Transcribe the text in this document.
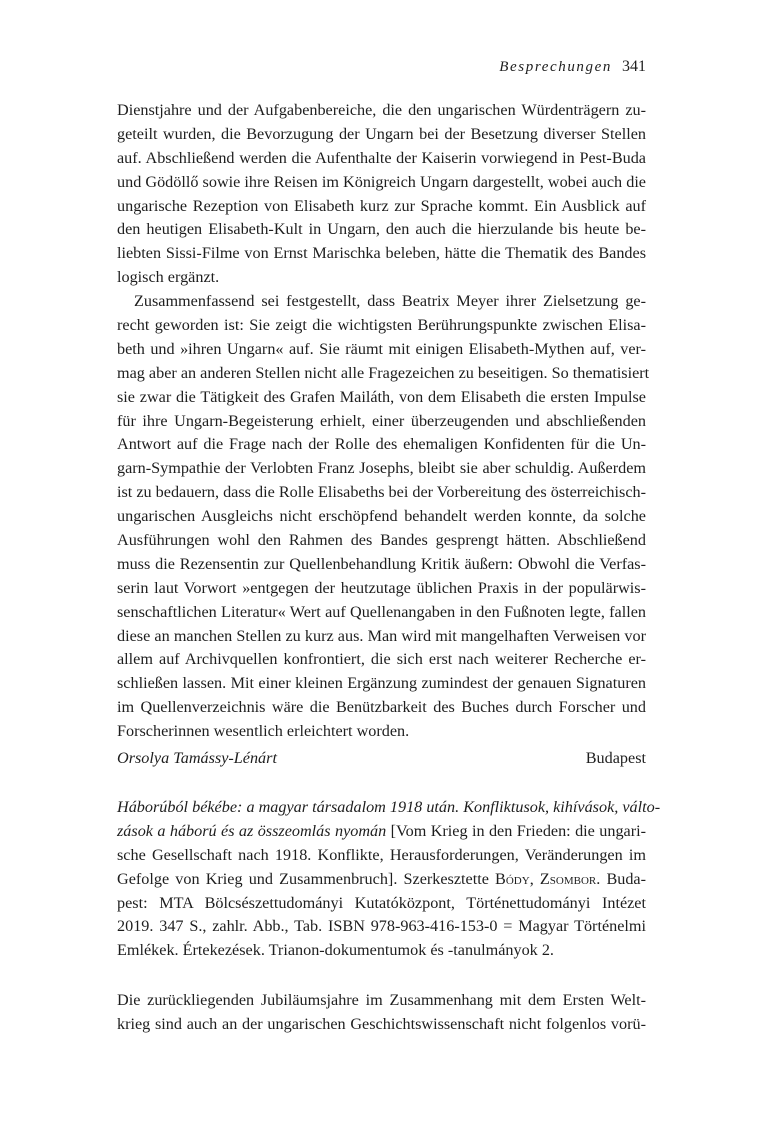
Besprechungen 341
Dienstjahre und der Aufgabenbereiche, die den ungarischen Würdenträgern zu-
geteilt wurden, die Bevorzugung der Ungarn bei der Besetzung diverser Stellen
auf. Abschließend werden die Aufenthalte der Kaiserin vorwiegend in Pest-Buda
und Gödöllő sowie ihre Reisen im Königreich Ungarn dargestellt, wobei auch die
ungarische Rezeption von Elisabeth kurz zur Sprache kommt. Ein Ausblick auf
den heutigen Elisabeth-Kult in Ungarn, den auch die hierzulande bis heute be-
liebten Sissi-Filme von Ernst Marischka beleben, hätte die Thematik des Bandes
logisch ergänzt.
Zusammenfassend sei festgestellt, dass Beatrix Meyer ihrer Zielsetzung ge-
recht geworden ist: Sie zeigt die wichtigsten Berührungspunkte zwischen Elisa-
beth und »ihren Ungarn« auf. Sie räumt mit einigen Elisabeth-Mythen auf, ver-
mag aber an anderen Stellen nicht alle Fragezeichen zu beseitigen. So thematisiert
sie zwar die Tätigkeit des Grafen Mailáth, von dem Elisabeth die ersten Impulse
für ihre Ungarn-Begeisterung erhielt, einer überzeugenden und abschließenden
Antwort auf die Frage nach der Rolle des ehemaligen Konfidenten für die Un-
garn-Sympathie der Verlobten Franz Josephs, bleibt sie aber schuldig. Außerdem
ist zu bedauern, dass die Rolle Elisabeths bei der Vorbereitung des österreichisch-
ungarischen Ausgleichs nicht erschöpfend behandelt werden konnte, da solche
Ausführungen wohl den Rahmen des Bandes gesprengt hätten. Abschließend
muss die Rezensentin zur Quellenbehandlung Kritik äußern: Obwohl die Verfas-
serin laut Vorwort »entgegen der heutzutage üblichen Praxis in der populärwis-
senschaftlichen Literatur« Wert auf Quellenangaben in den Fußnoten legte, fallen
diese an manchen Stellen zu kurz aus. Man wird mit mangelhaften Verweisen vor
allem auf Archivquellen konfrontiert, die sich erst nach weiterer Recherche er-
schließen lassen. Mit einer kleinen Ergänzung zumindest der genauen Signaturen
im Quellenverzeichnis wäre die Benützbarkeit des Buches durch Forscher und
Forscherinnen wesentlich erleichtert worden.
Orsolya Tamássy-Lénárt	Budapest
Háborúból békébe: a magyar társadalom 1918 után. Konfliktusok, kihívások, válto-
zások a háború és az összeomlás nyomán [Vom Krieg in den Frieden: die ungari-
sche Gesellschaft nach 1918. Konflikte, Herausforderungen, Veränderungen im
Gefolge von Krieg und Zusammenbruch]. Szerkesztette Bódy, Zsombor. Buda-
pest: MTA Bölcsészettudományi Kutatóközpont, Történettudományi Intézet
2019. 347 S., zahlr. Abb., Tab. ISBN 978-963-416-153-0 = Magyar Történelmi
Emlékek. Értekezések. Trianon-dokumentumok és -tanulmányok 2.
Die zurückliegenden Jubiläumsjahre im Zusammenhang mit dem Ersten Welt-
krieg sind auch an der ungarischen Geschichtswissenschaft nicht folgenlos vorü-
